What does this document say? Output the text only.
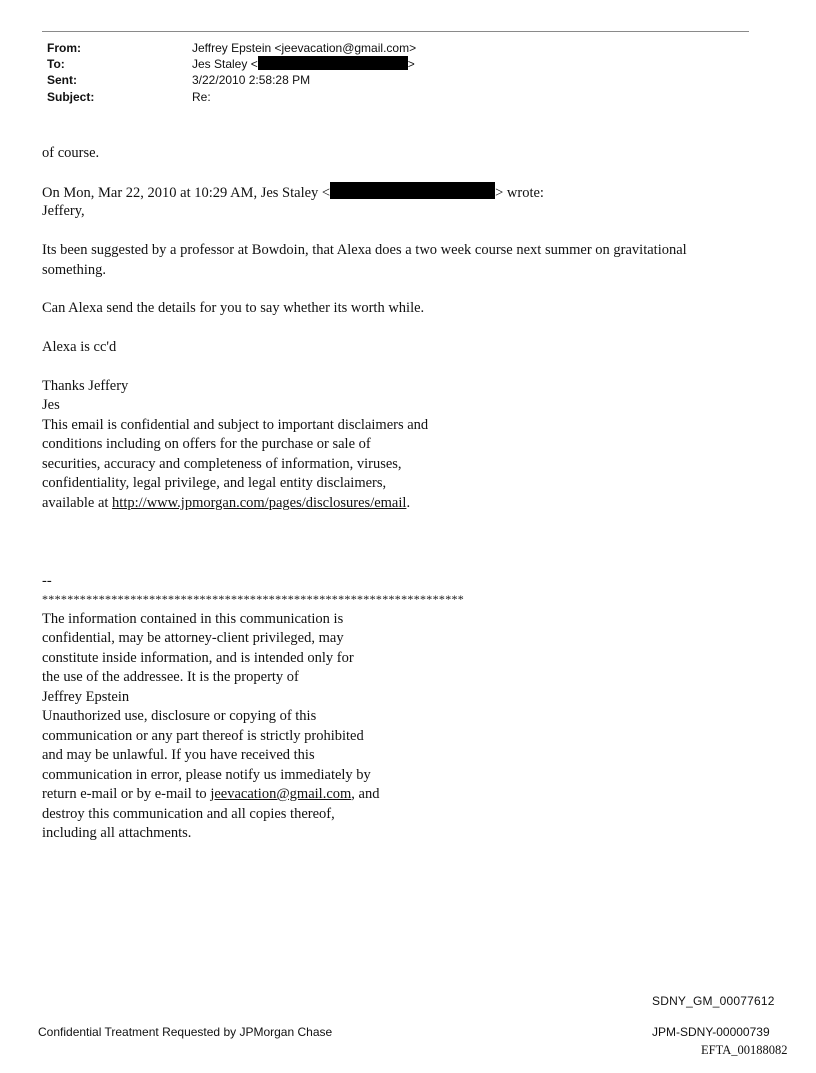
From:	Jeffrey Epstein <jeevacation@gmail.com>
To:	Jes Staley <	>
Sent:	3/22/2010 2:58:28 PM
Subject:	Re:
of course.
On Mon, Mar 22, 2010 at 10:29 AM, Jes Staley <	> wrote:
Jeffery,
Its been suggested by a professor at Bowdoin, that Alexa does a two week course next summer on gravitational
something.
Can Alexa send the details for you to say whether its worth while.
Alexa is cc'd
Thanks Jeffery
Jes
This email is confidential and subject to important disclaimers and
conditions including on offers for the purchase or sale of
securities, accuracy and completeness of information, viruses,
confidentiality, legal privilege, and legal entity disclaimers,
available at http://www.jpmorgan.com/pages/disclosures/email.
--
*******************************************************************
The information contained in this communication is
confidential, may be attorney-client privileged, may
constitute inside information, and is intended only for
the use of the addressee. It is the property of
Jeffrey Epstein
Unauthorized use, disclosure or copying of this
communication or any part thereof is strictly prohibited
and may be unlawful. If you have received this
communication in error, please notify us immediately by
return e-mail or by e-mail to jeevacation@gmail.com, and
destroy this communication and all copies thereof,
including all attachments.
SDNY_GM_00077612
Confidential Treatment Requested by JPMorgan Chase	JPM-SDNY-00000739
EFTA_00188082
